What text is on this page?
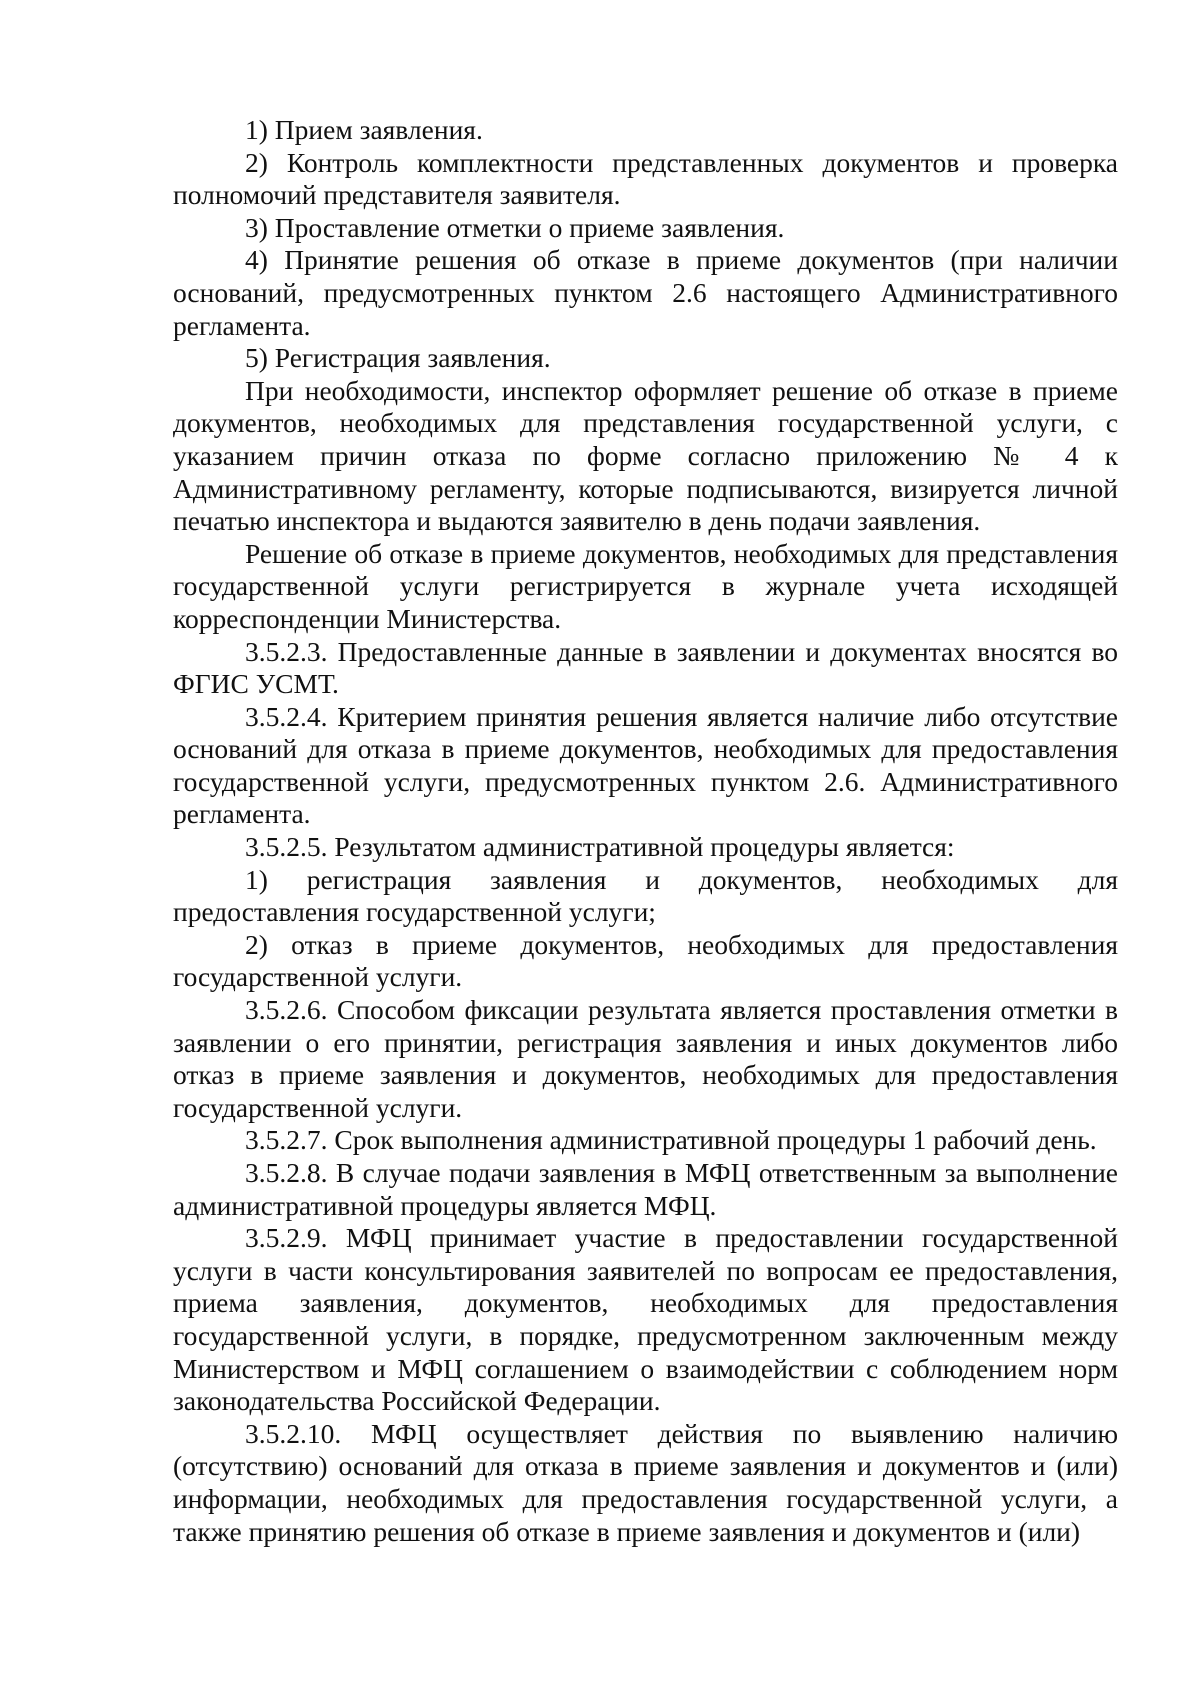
1) Прием заявления.

2) Контроль комплектности представленных документов и проверка полномочий представителя заявителя.

3) Проставление отметки о приеме заявления.

4) Принятие решения об отказе в приеме документов (при наличии оснований, предусмотренных пунктом 2.6 настоящего Административного регламента.

5) Регистрация заявления.

При необходимости, инспектор оформляет решение об отказе в приеме документов, необходимых для представления государственной услуги, с указанием причин отказа по форме согласно приложению № 4 к Административному регламенту, которые подписываются, визируется личной печатью инспектора и выдаются заявителю в день подачи заявления.

Решение об отказе в приеме документов, необходимых для представления государственной услуги регистрируется в журнале учета исходящей корреспонденции Министерства.

3.5.2.3. Предоставленные данные в заявлении и документах вносятся во ФГИС УСМТ.

3.5.2.4. Критерием принятия решения является наличие либо отсутствие оснований для отказа в приеме документов, необходимых для предоставления государственной услуги, предусмотренных пунктом 2.6. Административного регламента.

3.5.2.5. Результатом административной процедуры является:

1) регистрация заявления и документов, необходимых для предоставления государственной услуги;

2) отказ в приеме документов, необходимых для предоставления государственной услуги.

3.5.2.6. Способом фиксации результата является проставления отметки в заявлении о его принятии, регистрация заявления и иных документов либо отказ в приеме заявления и документов, необходимых для предоставления государственной услуги.

3.5.2.7. Срок выполнения административной процедуры 1 рабочий день.

3.5.2.8. В случае подачи заявления в МФЦ ответственным за выполнение административной процедуры является МФЦ.

3.5.2.9. МФЦ принимает участие в предоставлении государственной услуги в части консультирования заявителей по вопросам ее предоставления, приема заявления, документов, необходимых для предоставления государственной услуги, в порядке, предусмотренном заключенным между Министерством и МФЦ соглашением о взаимодействии с соблюдением норм законодательства Российской Федерации.

3.5.2.10. МФЦ осуществляет действия по выявлению наличию (отсутствию) оснований для отказа в приеме заявления и документов и (или) информации, необходимых для предоставления государственной услуги, а также принятию решения об отказе в приеме заявления и документов и (или)
